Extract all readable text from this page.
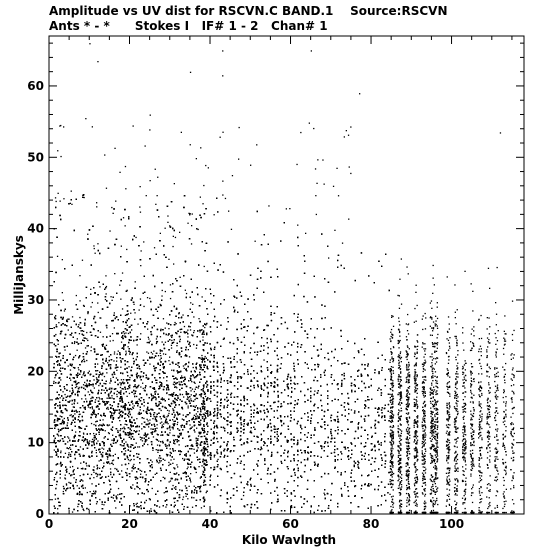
Amplitude vs UV dist for RSCVN.C BAND.1    Source:RSCVN
Ants * - *      Stokes I   IF# 1 - 2   Chan# 1
0	20	40	60	80	100
0
10
20
30
40
50
60
Kilo Wavlngth
MilliJanskys
